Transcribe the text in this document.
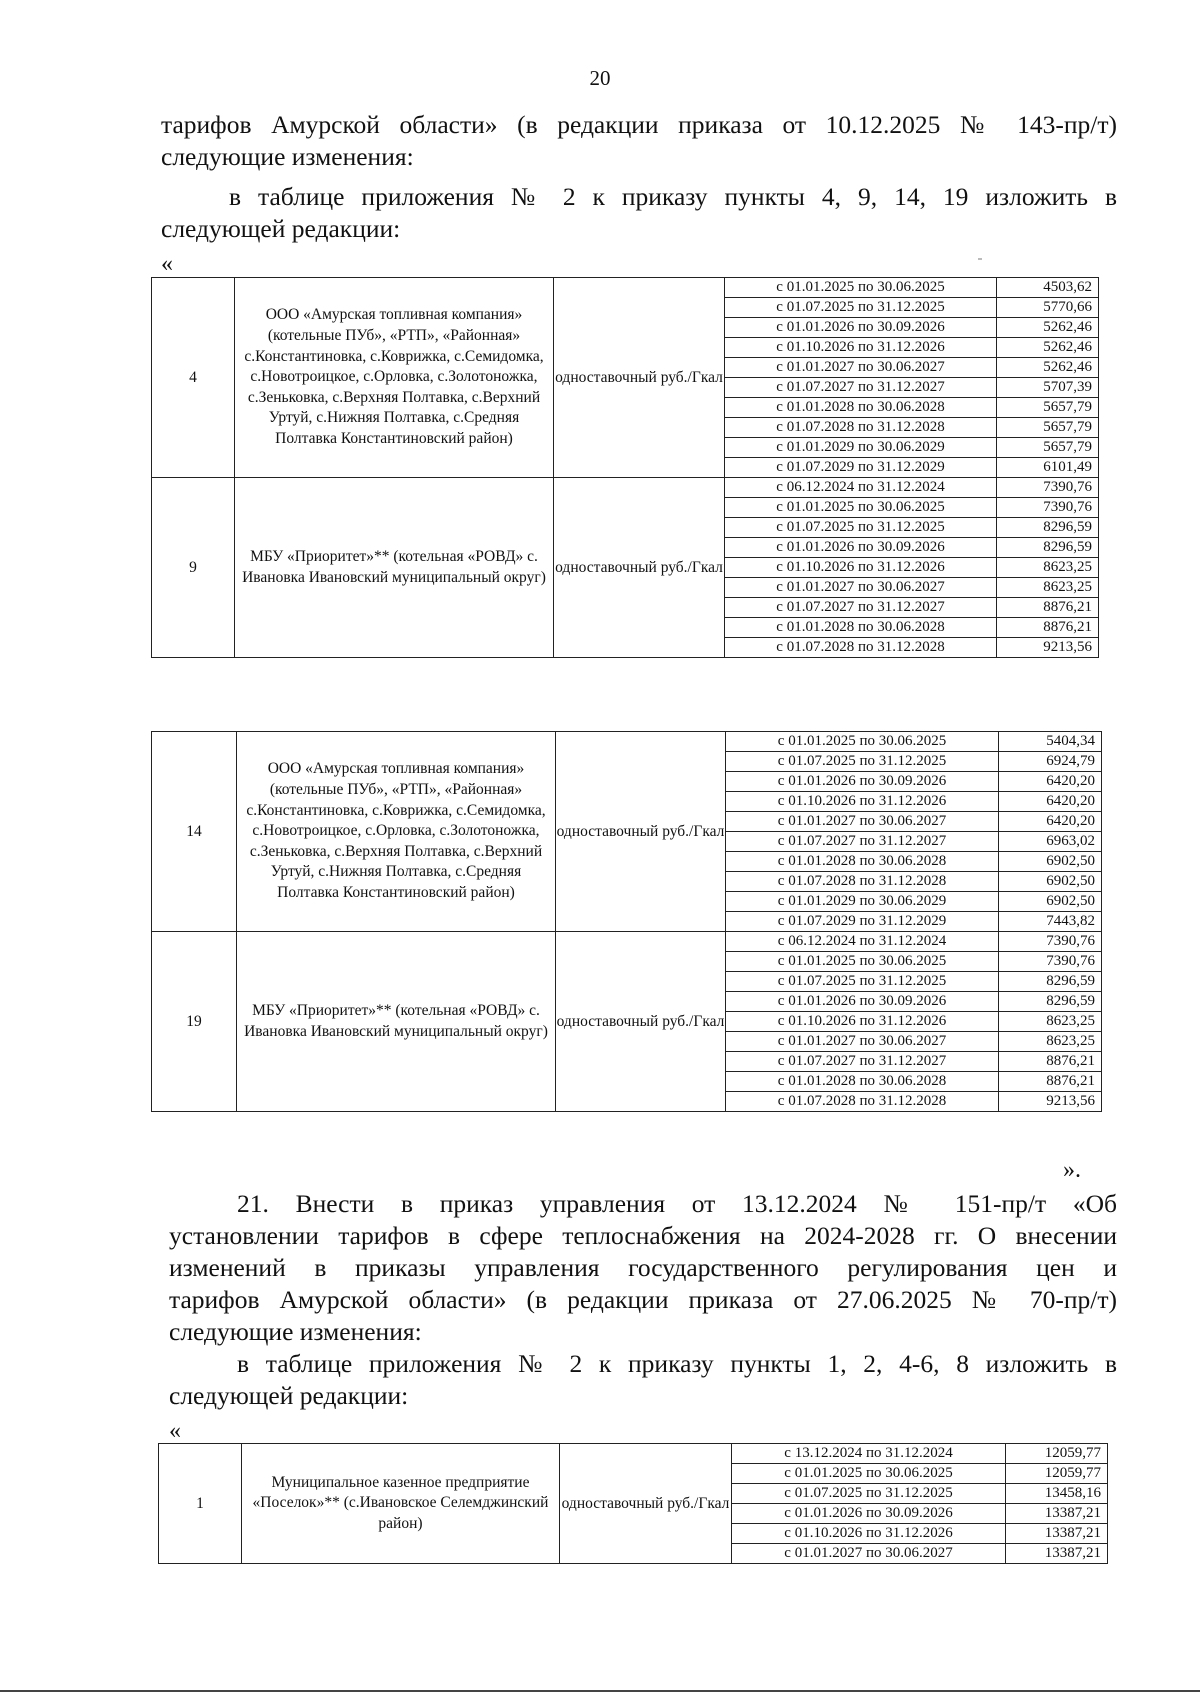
20
тарифов Амурской области» (в редакции приказа от 10.12.2025 № 143-пр/т)
следующие изменения:
в таблице приложения № 2 к приказу пункты 4, 9, 14, 19 изложить в
следующей редакции:
«
4	ООО «Амурская топливная компания» (котельные ПУб», «РТП», «Районная» с.Константиновка, с.Коврижка, с.Семидомка, с.Новотроицкое, с.Орловка, с.Золотоножка, с.Зеньковка, с.Верхняя Полтавка, с.Верхний Уртуй, с.Нижняя Полтавка, с.Средняя Полтавка Константиновский район)	одноставочный руб./Гкал	с 01.01.2025 по 30.06.2025	4503,62
			с 01.07.2025 по 31.12.2025	5770,66
			с 01.01.2026 по 30.09.2026	5262,46
			с 01.10.2026 по 31.12.2026	5262,46
			с 01.01.2027 по 30.06.2027	5262,46
			с 01.07.2027 по 31.12.2027	5707,39
			с 01.01.2028 по 30.06.2028	5657,79
			с 01.07.2028 по 31.12.2028	5657,79
			с 01.01.2029 по 30.06.2029	5657,79
			с 01.07.2029 по 31.12.2029	6101,49
9	МБУ «Приоритет»** (котельная «РОВД» с. Ивановка Ивановский муниципальный округ)	одноставочный руб./Гкал	с 06.12.2024 по 31.12.2024	7390,76
			с 01.01.2025 по 30.06.2025	7390,76
			с 01.07.2025 по 31.12.2025	8296,59
			с 01.01.2026 по 30.09.2026	8296,59
			с 01.10.2026 по 31.12.2026	8623,25
			с 01.01.2027 по 30.06.2027	8623,25
			с 01.07.2027 по 31.12.2027	8876,21
			с 01.01.2028 по 30.06.2028	8876,21
			с 01.07.2028 по 31.12.2028	9213,56
14	ООО «Амурская топливная компания» (котельные ПУб», «РТП», «Районная» с.Константиновка, с.Коврижка, с.Семидомка, с.Новотроицкое, с.Орловка, с.Золотоножка, с.Зеньковка, с.Верхняя Полтавка, с.Верхний Уртуй, с.Нижняя Полтавка, с.Средняя Полтавка Константиновский район)	одноставочный руб./Гкал	с 01.01.2025 по 30.06.2025	5404,34
			с 01.07.2025 по 31.12.2025	6924,79
			с 01.01.2026 по 30.09.2026	6420,20
			с 01.10.2026 по 31.12.2026	6420,20
			с 01.01.2027 по 30.06.2027	6420,20
			с 01.07.2027 по 31.12.2027	6963,02
			с 01.01.2028 по 30.06.2028	6902,50
			с 01.07.2028 по 31.12.2028	6902,50
			с 01.01.2029 по 30.06.2029	6902,50
			с 01.07.2029 по 31.12.2029	7443,82
19	МБУ «Приоритет»** (котельная «РОВД» с. Ивановка Ивановский муниципальный округ)	одноставочный руб./Гкал	с 06.12.2024 по 31.12.2024	7390,76
			с 01.01.2025 по 30.06.2025	7390,76
			с 01.07.2025 по 31.12.2025	8296,59
			с 01.01.2026 по 30.09.2026	8296,59
			с 01.10.2026 по 31.12.2026	8623,25
			с 01.01.2027 по 30.06.2027	8623,25
			с 01.07.2027 по 31.12.2027	8876,21
			с 01.01.2028 по 30.06.2028	8876,21
			с 01.07.2028 по 31.12.2028	9213,56
».
21. Внести в приказ управления от 13.12.2024 № 151-пр/т «Об
установлении тарифов в сфере теплоснабжения на 2024-2028 гг. О внесении
изменений в приказы управления государственного регулирования цен и
тарифов Амурской области» (в редакции приказа от 27.06.2025 № 70-пр/т)
следующие изменения:
в таблице приложения № 2 к приказу пункты 1, 2, 4-6, 8 изложить в
следующей редакции:
«
1	Муниципальное казенное предприятие «Поселок»** (с.Ивановское Селемджинский район)	одноставочный руб./Гкал	с 13.12.2024 по 31.12.2024	12059,77
			с 01.01.2025 по 30.06.2025	12059,77
			с 01.07.2025 по 31.12.2025	13458,16
			с 01.01.2026 по 30.09.2026	13387,21
			с 01.10.2026 по 31.12.2026	13387,21
			с 01.01.2027 по 30.06.2027	13387,21
